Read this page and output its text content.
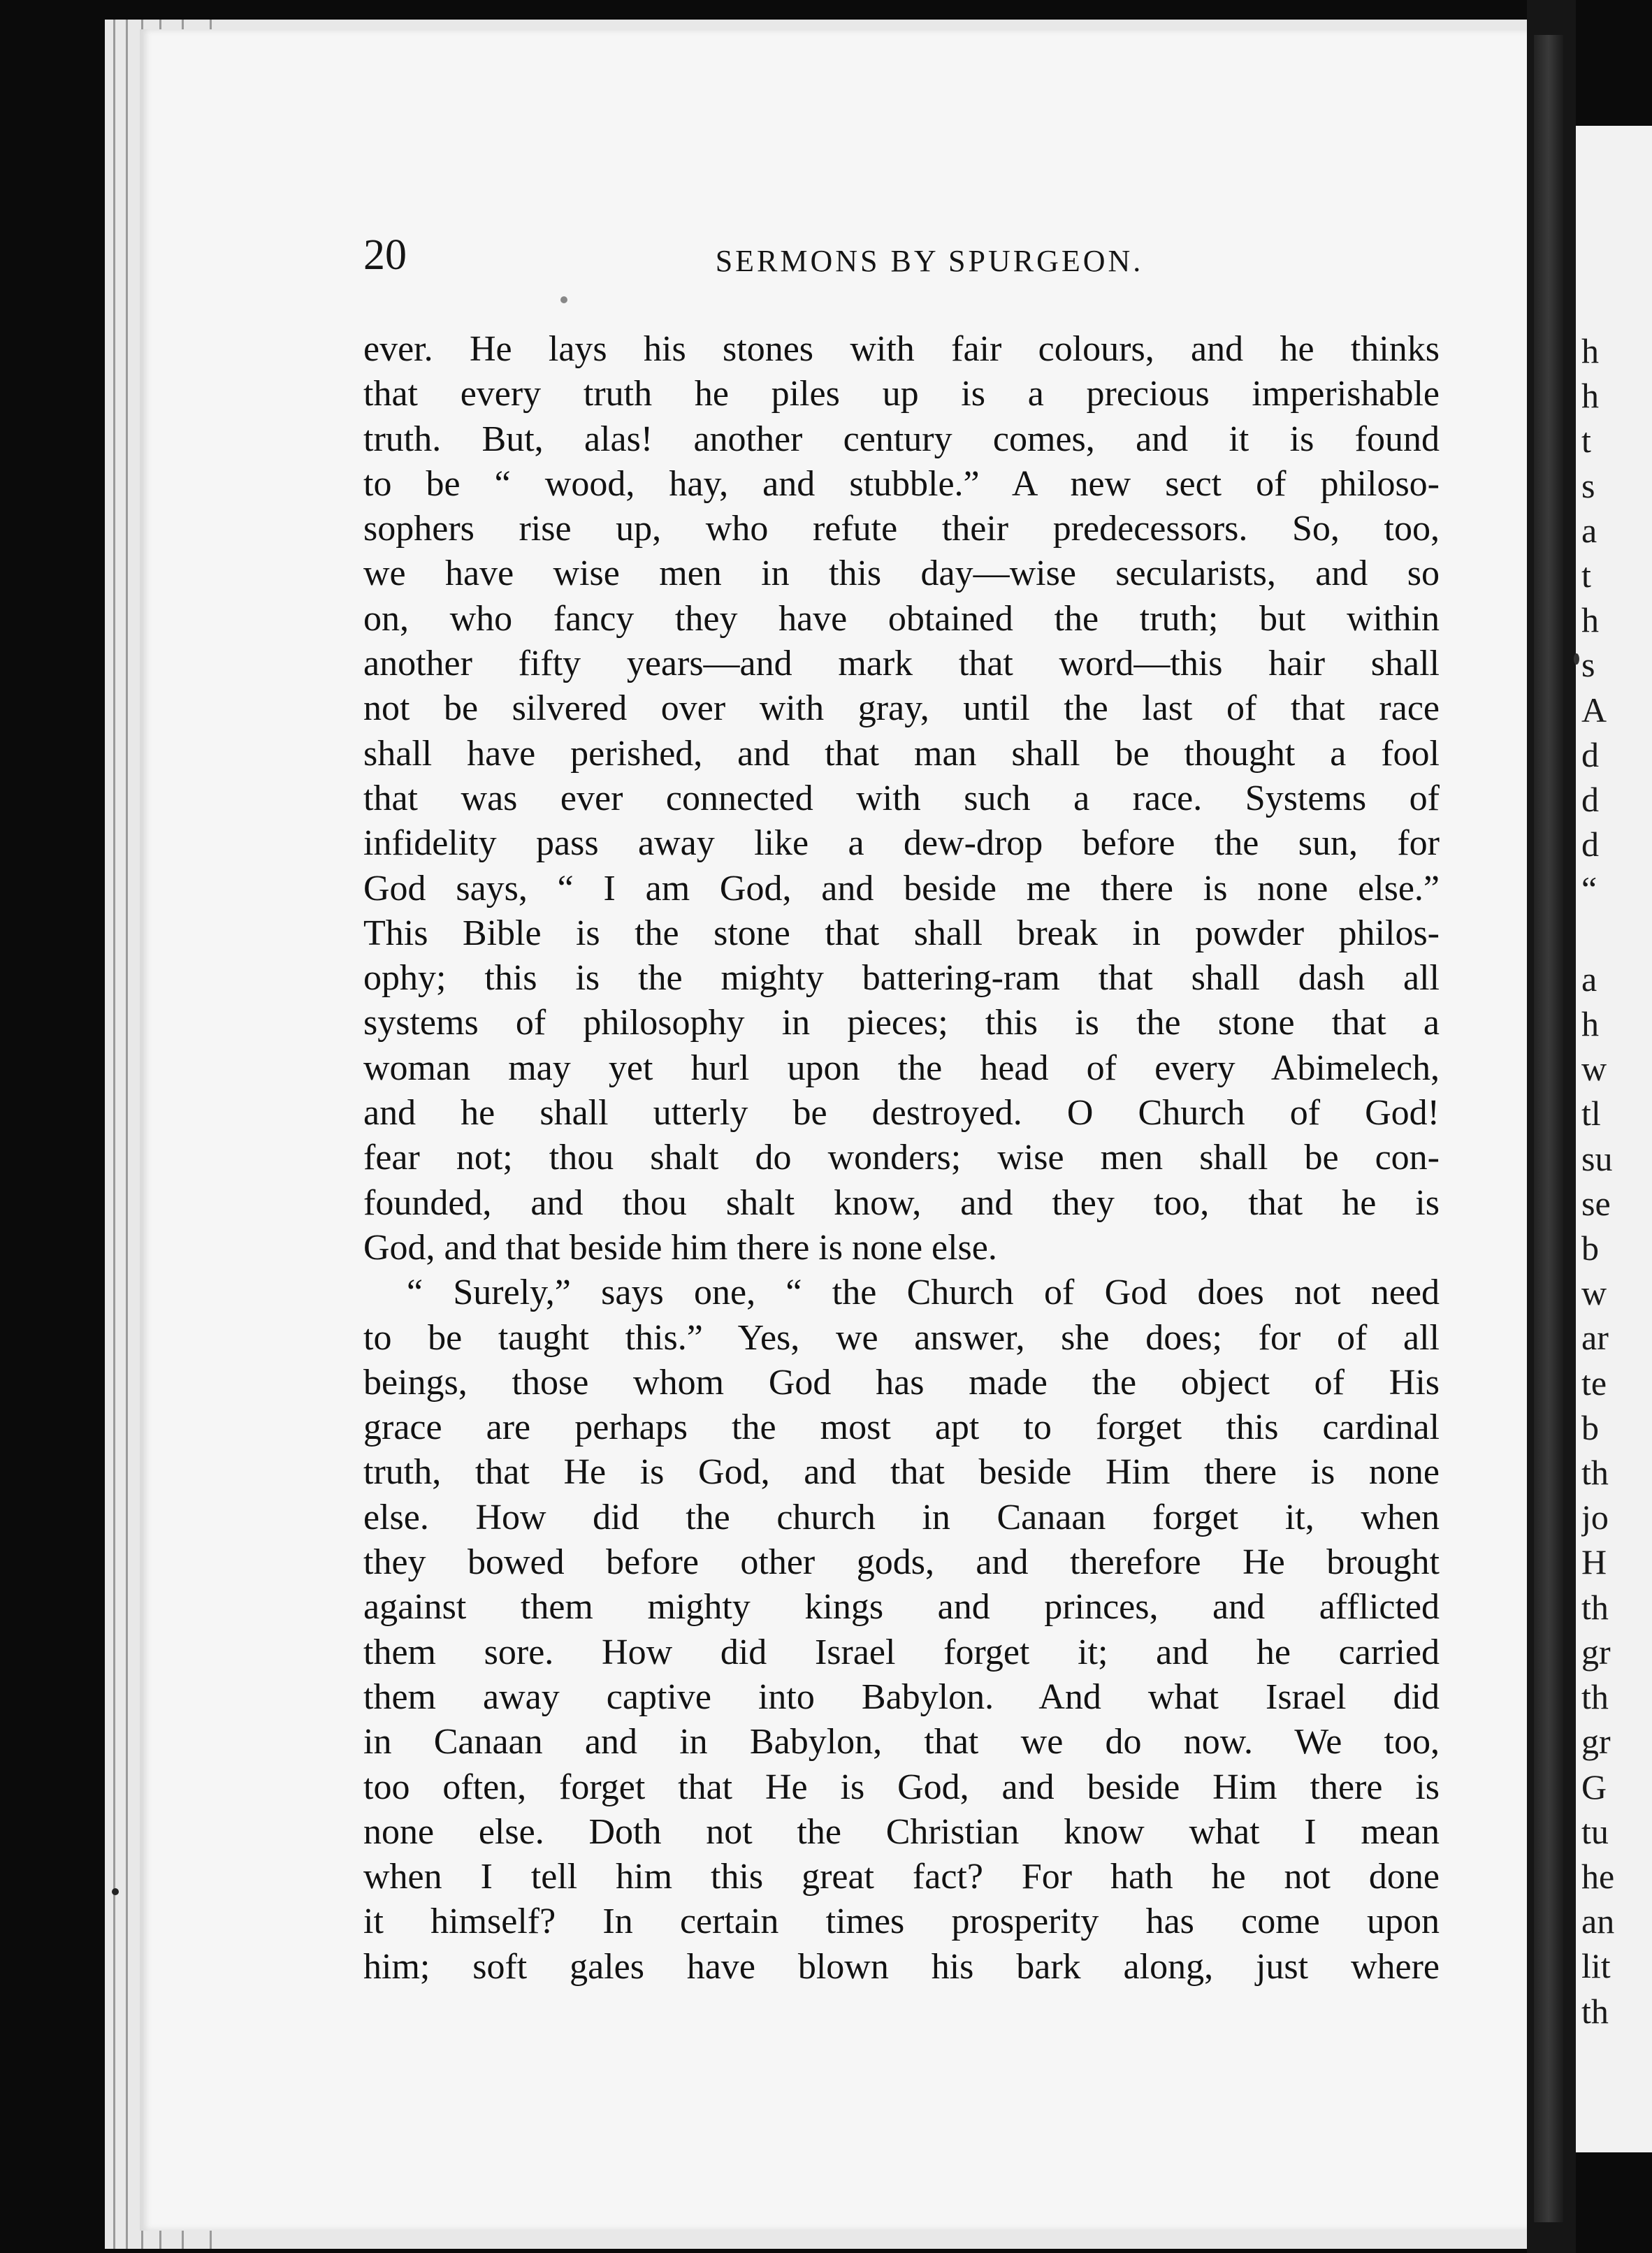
h
h
t
s
a
t
h
s
A
d
d
d
“

a
h
w
tl
su
se
b
w
ar
te
b
th
jo
H
th
gr
th
gr
G
tu
he
an
lit
th
20	SERMONS BY SPURGEON.
ever. He lays his stones with fair colours, and he thinks
that every truth he piles up is a precious imperishable
truth. But, alas! another century comes, and it is found
to be “ wood, hay, and stubble.” A new sect of philoso-
sophers rise up, who refute their predecessors. So, too,
we have wise men in this day—wise secularists, and so
on, who fancy they have obtained the truth; but within
another fifty years—and mark that word—this hair shall
not be silvered over with gray, until the last of that race
shall have perished, and that man shall be thought a fool
that was ever connected with such a race. Systems of
infidelity pass away like a dew-drop before the sun, for
God says, “ I am God, and beside me there is none else.”
This Bible is the stone that shall break in powder philos-
ophy; this is the mighty battering-ram that shall dash all
systems of philosophy in pieces; this is the stone that a
woman may yet hurl upon the head of every Abimelech,
and he shall utterly be destroyed. O Church of God!
fear not; thou shalt do wonders; wise men shall be con-
founded, and thou shalt know, and they too, that he is
God, and that beside him there is none else.
“ Surely,” says one, “ the Church of God does not need
to be taught this.” Yes, we answer, she does; for of all
beings, those whom God has made the object of His
grace are perhaps the most apt to forget this cardinal
truth, that He is God, and that beside Him there is none
else. How did the church in Canaan forget it, when
they bowed before other gods, and therefore He brought
against them mighty kings and princes, and afflicted
them sore. How did Israel forget it; and he carried
them away captive into Babylon. And what Israel did
in Canaan and in Babylon, that we do now. We too,
too often, forget that He is God, and beside Him there is
none else. Doth not the Christian know what I mean
when I tell him this great fact? For hath he not done
it himself? In certain times prosperity has come upon
him; soft gales have blown his bark along, just where
